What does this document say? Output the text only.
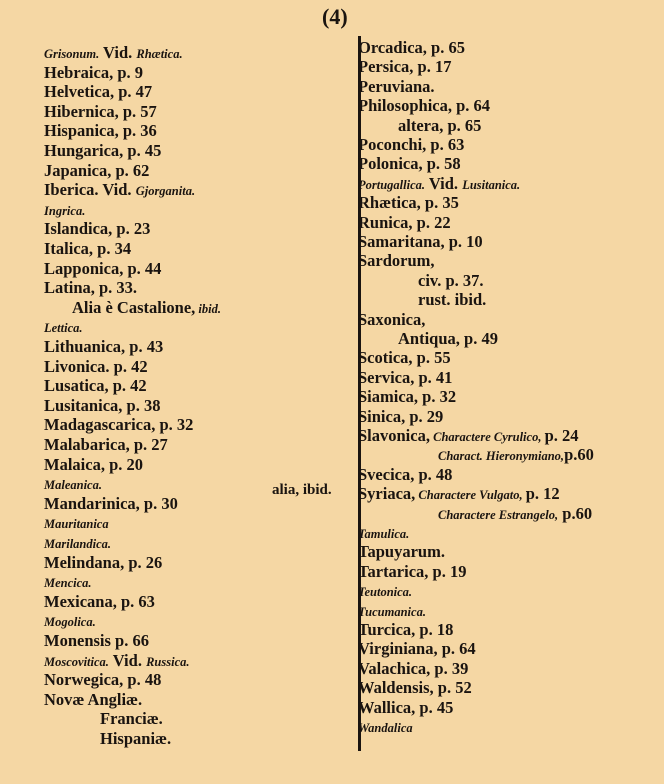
(4)
Grisonum. Vid. Rhætica.
Hebraica, p. 9
Helvetica, p. 47
Hibernica, p. 57
Hispanica, p. 36
Hungarica, p. 45
Japanica, p. 62
Iberica. Vid. Gjorganita.
Ingrica.
Islandica, p. 23
Italica, p. 34
Lapponica, p. 44
Latina, p. 33.
Alia è Castalione, ibid.
Lettica.
Lithuanica, p. 43
Livonica. p. 42
Lusatica, p. 42
Lusitanica, p. 38
Madagascarica, p. 32
Malabarica, p. 27
Malaica, p. 20
Maleanica.
Mandarinica, p. 30
Mauritanica
Marilandica.
Melindana, p. 26
Mencica.
Mexicana, p. 63
Mogolica.
Monensis p. 66
Moscovitica. Vid. Russica.
Norwegica, p. 48
Novæ Angliæ.
Franciæ.
Hispaniæ.
Orcadica, p. 65
Persica, p. 17
Peruviana.
Philosophica, p. 64
altera, p. 65
Poconchi, p. 63
Polonica, p. 58
Portugallica. Vid. Lusitanica.
Rhætica, p. 35
Runica, p. 22
Samaritana, p. 10
Sardorum,
civ. p. 37.
rust. ibid.
Saxonica,
Antiqua, p. 49
Scotica, p. 55
Servica, p. 41
Siamica, p. 32
Sinica, p. 29
Slavonica, Charactere Cyrulico, p. 24
Charact. Hieronymiano,p.60
Svecica, p. 48
Syriaca, Charactere Vulgato, p. 12
Charactere Estrangelo, p.60
Tamulica.
Tapuyarum.
Tartarica, p. 19
Teutonica.
Tucumanica.
Turcica, p. 18
Virginiana, p. 64
Valachica, p. 39
Waldensis, p. 52
Wallica, p. 45
Wandalica
alia, ibid.
